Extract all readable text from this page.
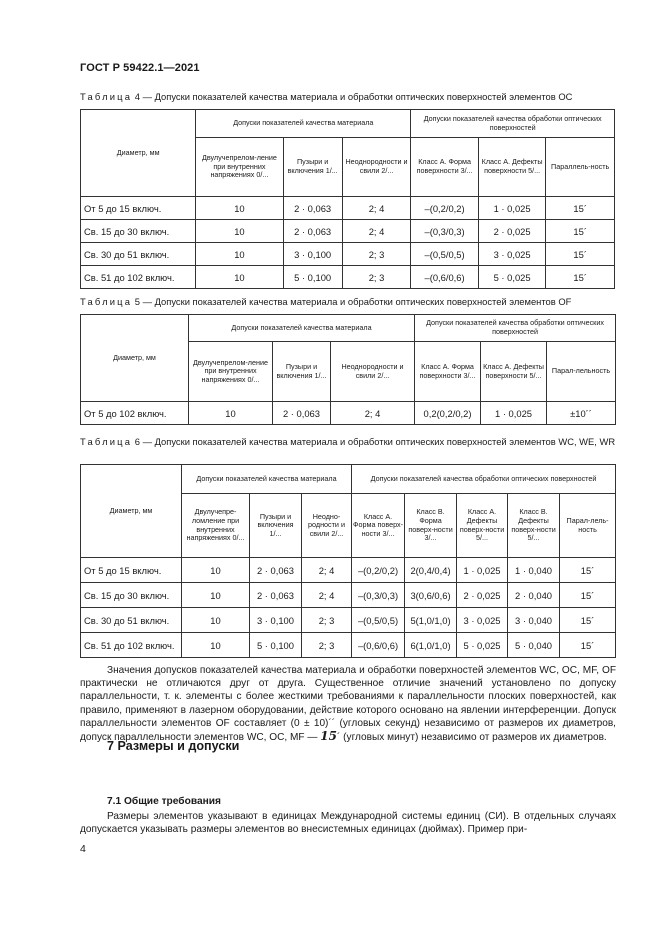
ГОСТ Р 59422.1—2021
Таблица 4 — Допуски показателей качества материала и обработки оптических поверхностей элементов ОС
Диаметр, мм	Допуски показателей качества материала			Допуски показателей качества обработки оптических поверхностей		
	Двулучепрелом-ление при внутренних напряжениях 0/...	Пузыри и включения 1/...	Неоднородности и свили 2/...	Класс А. Форма поверхности 3/...	Класс А. Дефекты поверхности 5/...	Параллель-ность
От 5 до 15 включ.	10	2 · 0,063	2; 4	–(0,2/0,2)	1 · 0,025	15´
Св. 15 до 30 включ.	10	2 · 0,063	2; 4	–(0,3/0,3)	2 · 0,025	15´
Св. 30 до 51 включ.	10	3 · 0,100	2; 3	–(0,5/0,5)	3 · 0,025	15´
Св. 51 до 102 включ.	10	5 · 0,100	2; 3	–(0,6/0,6)	5 · 0,025	15´
Таблица 5 — Допуски показателей качества материала и обработки оптических поверхностей элементов OF
Диаметр, мм	Допуски показателей качества материала			Допуски показателей качества обработки оптических поверхностей		
	Двулучепрелом-ление при внутренних напряжениях 0/...	Пузыри и включения 1/...	Неоднородности и свили 2/...	Класс А. Форма поверхности 3/...	Класс А. Дефекты поверхности 5/...	Парал-лельность
От 5 до 102 включ.	10	2 · 0,063	2; 4	0,2(0,2/0,2)	1 · 0,025	±10´´
Таблица 6 — Допуски показателей качества материала и обработки оптических поверхностей элементов WC, WE, WR
Диаметр, мм	Допуски показателей качества материала			Допуски показателей качества обработки оптических поверхностей				
	Двулучепре-ломление при внутренних напряжениях 0/...	Пузыри и включения 1/...	Неодно-родности и свили 2/...	Класс А. Форма поверх-ности 3/...	Класс В. Форма поверх-ности 3/...	Класс А. Дефекты поверх-ности 5/...	Класс В. Дефекты поверх-ности 5/...	Парал-лель-ность
От 5 до 15 включ.	10	2 · 0,063	2; 4	–(0,2/0,2)	2(0,4/0,4)	1 · 0,025	1 · 0,040	15´
Св. 15 до 30 включ.	10	2 · 0,063	2; 4	–(0,3/0,3)	3(0,6/0,6)	2 · 0,025	2 · 0,040	15´
Св. 30 до 51 включ.	10	3 · 0,100	2; 3	–(0,5/0,5)	5(1,0/1,0)	3 · 0,025	3 · 0,040	15´
Св. 51 до 102 включ.	10	5 · 0,100	2; 3	–(0,6/0,6)	6(1,0/1,0)	5 · 0,025	5 · 0,040	15´

Значения допусков показателей качества материала и обработки поверхностей элементов WC, OC, MF, OF практически не отличаются друг от друга. Существенное отличие значений установлено по допуску параллельности, т. к. элементы с более жесткими требованиями к параллельности плоских поверхностей, как правило, применяют в лазерном оборудовании, действие которого основано на явлении интерференции. Допуск параллельности элементов OF составляет (0 ± 10)´´ (угловых секунд) независимо от размеров их диаметров, допуск параллельности элементов WC, OC, MF — 15´ (угловых минут) независимо от размеров их диаметров.

7 Размеры и допуски
7.1 Общие требования

Размеры элементов указывают в единицах Международной системы единиц (СИ). В отдельных случаях допускается указывать размеры элементов во внесистемных единицах (дюймах). Пример при-

4
